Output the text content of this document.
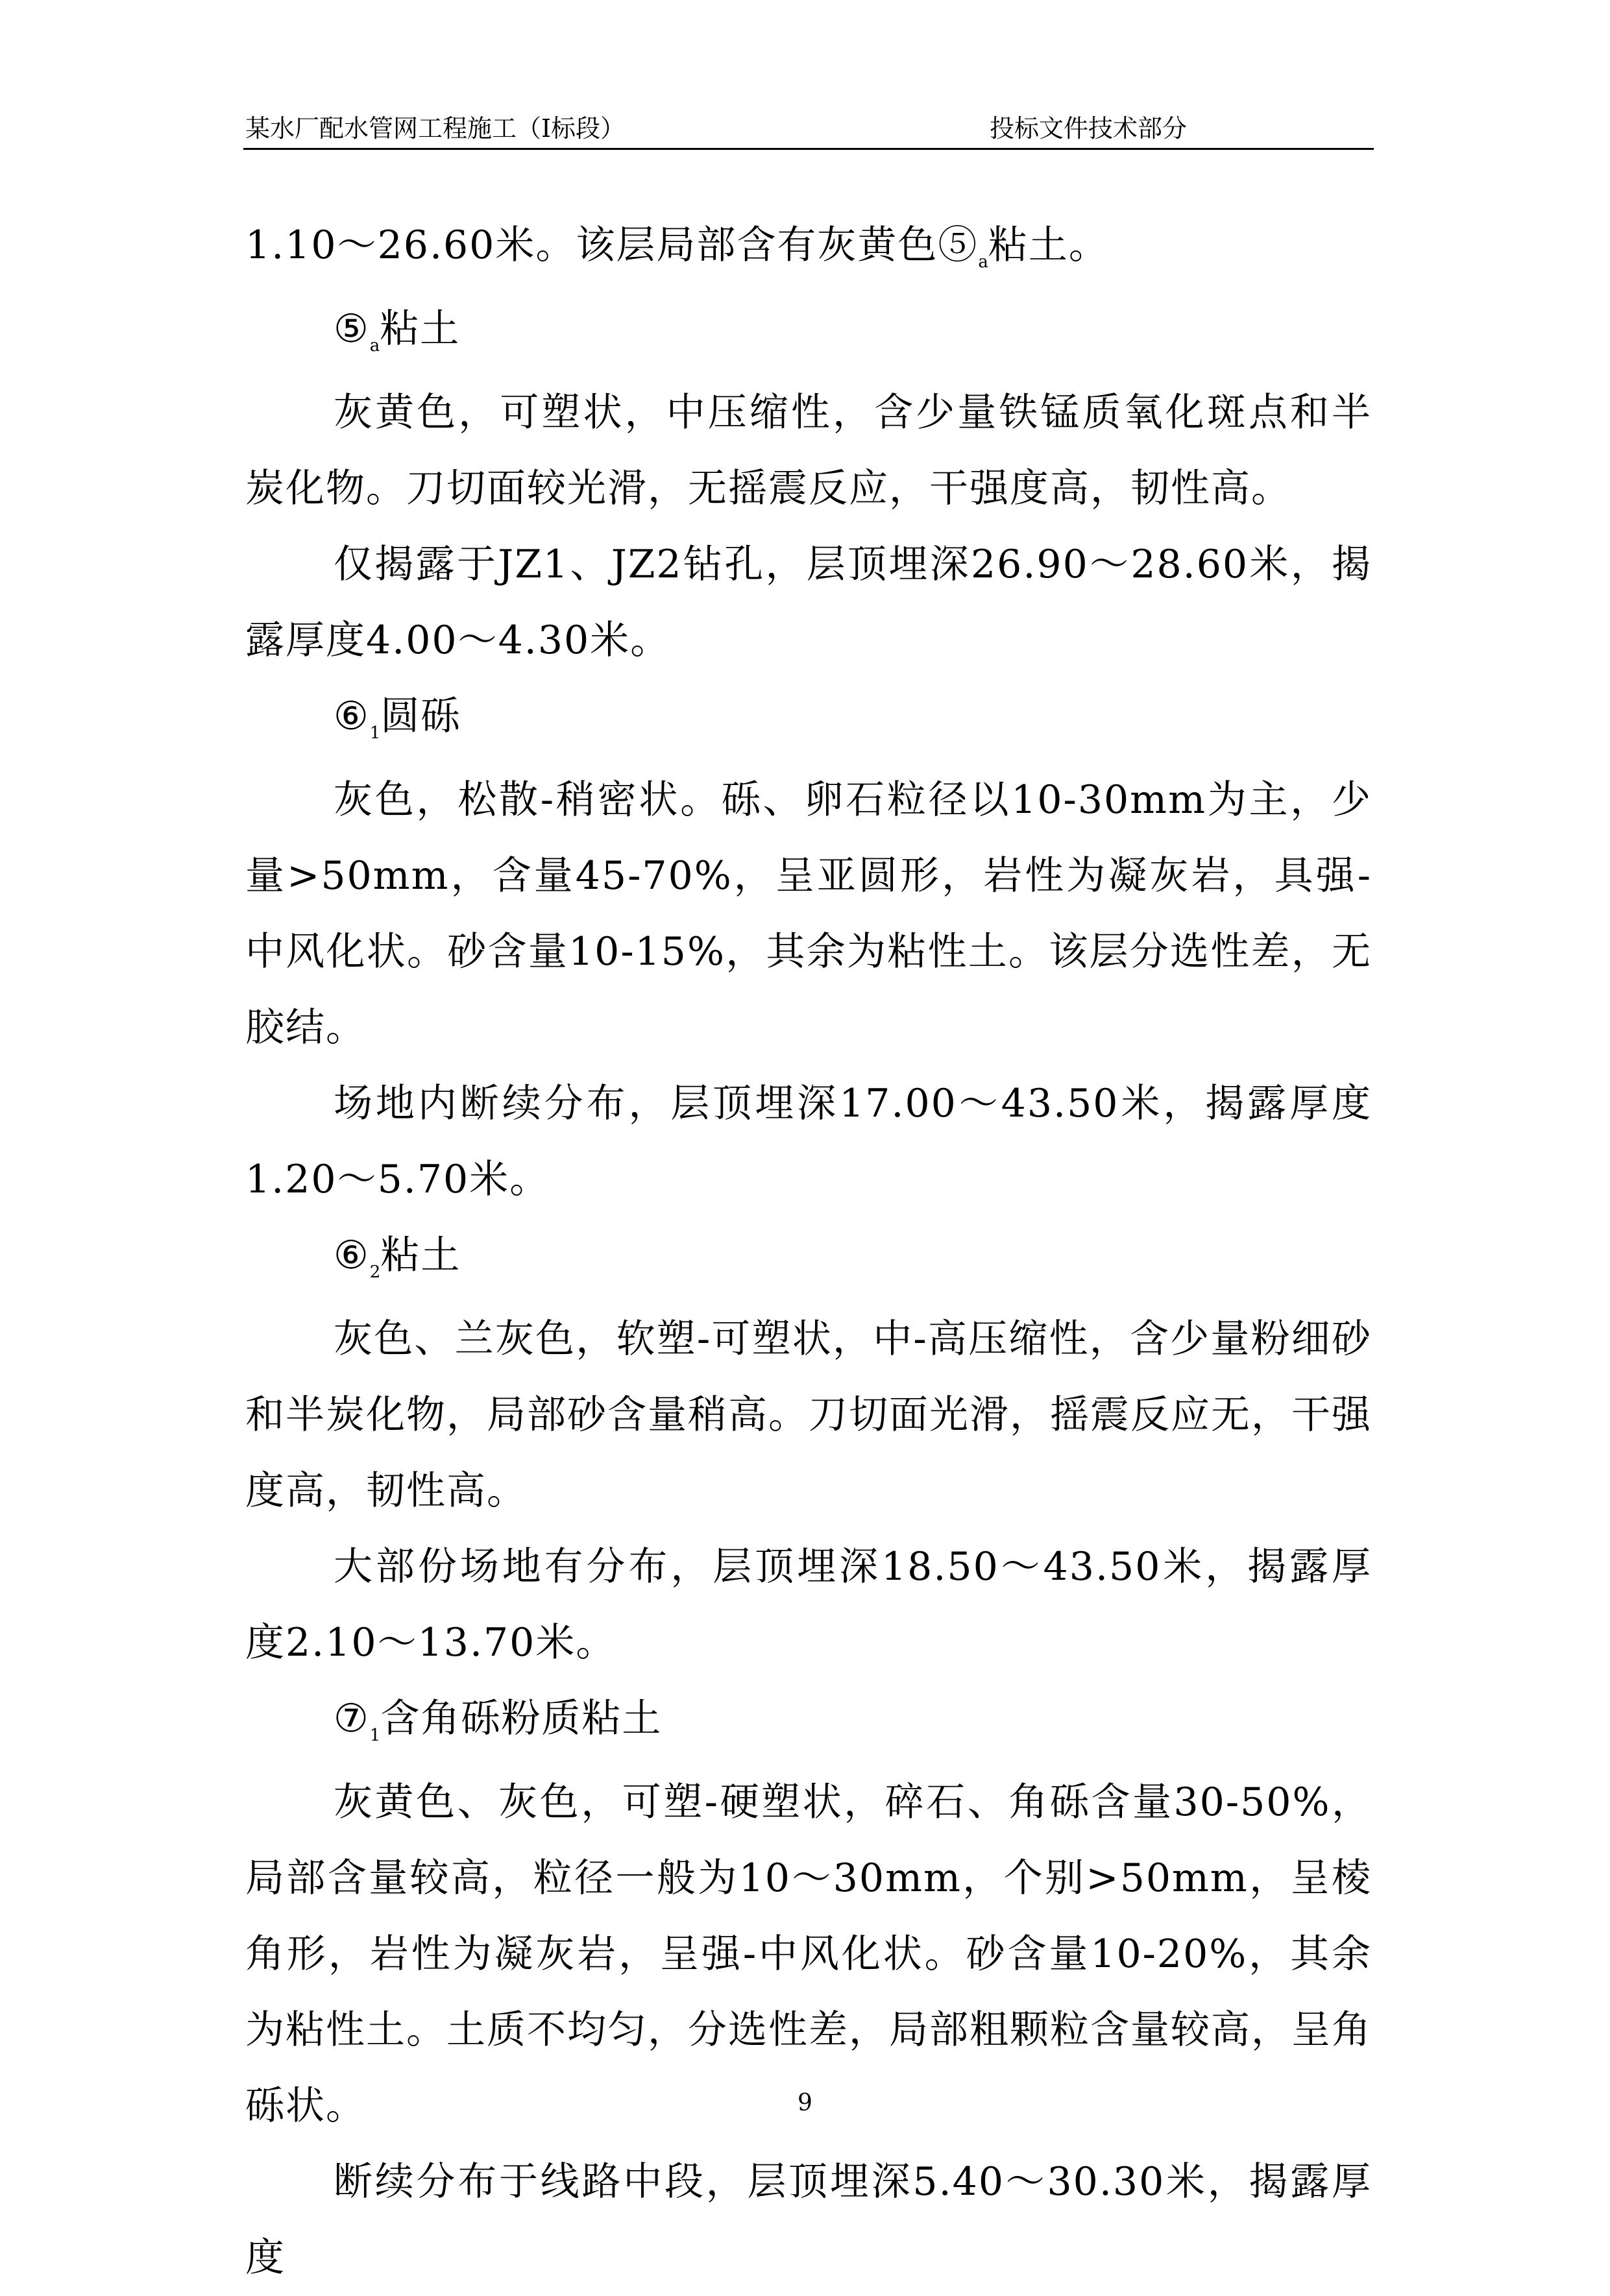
某水厂配水管网工程施工（Ⅰ标段）	投标文件技术部分

1.10～26.60米。该层局部含有灰黄色$⑤_a$粘土。

$⑤_a$粘土

灰黄色，可塑状，中压缩性，含少量铁锰质氧化斑点和半炭化物。刀切面较光滑，无摇震反应，干强度高，韧性高。

仅揭露于JZ1、JZ2钻孔，层顶埋深26.90～28.60米，揭露厚度4.00～4.30米。

$⑥_1$圆砾

灰色，松散-稍密状。砾、卵石粒径以10-30mm为主，少量>50mm，含量45-70%，呈亚圆形，岩性为凝灰岩，具强-中风化状。砂含量10-15%，其余为粘性土。该层分选性差，无胶结。

场地内断续分布，层顶埋深17.00～43.50米，揭露厚度1.20～5.70米。

$⑥_2$粘土

灰色、兰灰色，软塑-可塑状，中-高压缩性，含少量粉细砂和半炭化物，局部砂含量稍高。刀切面光滑，摇震反应无，干强度高，韧性高。

大部份场地有分布，层顶埋深18.50～43.50米，揭露厚度2.10～13.70米。

$⑦_1$含角砾粉质粘土

灰黄色、灰色，可塑-硬塑状，碎石、角砾含量30-50%，局部含量较高，粒径一般为10～30mm，个别>50mm，呈棱角形，岩性为凝灰岩，呈强-中风化状。砂含量10-20%，其余为粘性土。土质不均匀，分选性差，局部粗颗粒含量较高，呈角砾状。

断续分布于线路中段，层顶埋深5.40～30.30米，揭露厚度

9
